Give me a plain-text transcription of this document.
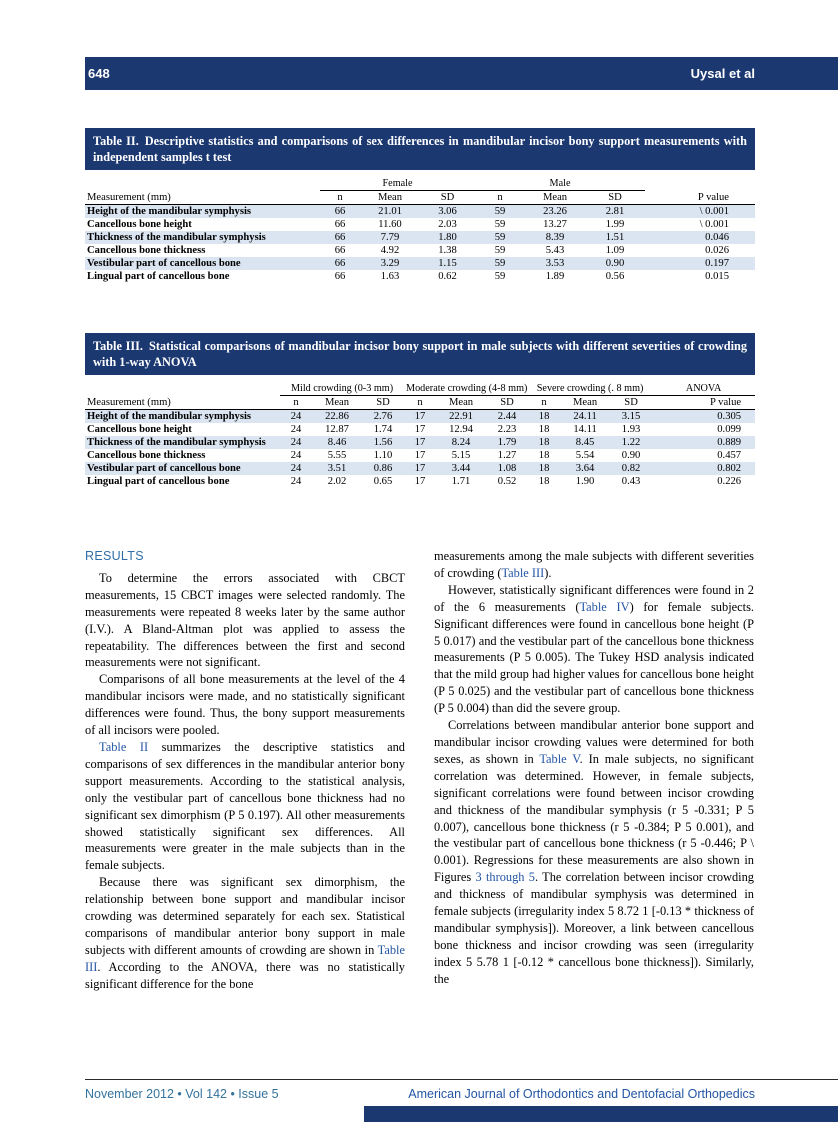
648	Uysal et al
Table II. Descriptive statistics and comparisons of sex differences in mandibular incisor bony support measurements with independent samples t test
	Female			Male			
Measurement (mm)	n	Mean	SD	n	Mean	SD	P value
Height of the mandibular symphysis	66	21.01	3.06	59	23.26	2.81	\ 0.001
Cancellous bone height	66	11.60	2.03	59	13.27	1.99	\ 0.001
Thickness of the mandibular symphysis	66	7.79	1.80	59	8.39	1.51	0.046
Cancellous bone thickness	66	4.92	1.38	59	5.43	1.09	0.026
Vestibular part of cancellous bone	66	3.29	1.15	59	3.53	0.90	0.197
Lingual part of cancellous bone	66	1.63	0.62	59	1.89	0.56	0.015
Table III. Statistical comparisons of mandibular incisor bony support in male subjects with different severities of crowding with 1-way ANOVA
	Mild crowding (0-3 mm)			Moderate crowding (4-8 mm)			Severe crowding (. 8 mm)			ANOVA
Measurement (mm)	n	Mean	SD	n	Mean	SD	n	Mean	SD	P value
Height of the mandibular symphysis	24	22.86	2.76	17	22.91	2.44	18	24.11	3.15	0.305
Cancellous bone height	24	12.87	1.74	17	12.94	2.23	18	14.11	1.93	0.099
Thickness of the mandibular symphysis	24	8.46	1.56	17	8.24	1.79	18	8.45	1.22	0.889
Cancellous bone thickness	24	5.55	1.10	17	5.15	1.27	18	5.54	0.90	0.457
Vestibular part of cancellous bone	24	3.51	0.86	17	3.44	1.08	18	3.64	0.82	0.802
Lingual part of cancellous bone	24	2.02	0.65	17	1.71	0.52	18	1.90	0.43	0.226
RESULTS

To determine the errors associated with CBCT measurements, 15 CBCT images were selected randomly. The measurements were repeated 8 weeks later by the same author (I.V.). A Bland-Altman plot was applied to assess the repeatability. The differences between the first and second measurements were not significant.

Comparisons of all bone measurements at the level of the 4 mandibular incisors were made, and no statistically significant differences were found. Thus, the bony support measurements of all incisors were pooled.

Table II summarizes the descriptive statistics and comparisons of sex differences in the mandibular anterior bony support measurements. According to the statistical analysis, only the vestibular part of cancellous bone thickness had no significant sex dimorphism (P 5 0.197). All other measurements showed statistically significant sex differences. All measurements were greater in the male subjects than in the female subjects.

Because there was significant sex dimorphism, the relationship between bone support and mandibular incisor crowding was determined separately for each sex. Statistical comparisons of mandibular anterior bony support in male subjects with different amounts of crowding are shown in Table III. According to the ANOVA, there was no statistically significant difference for the bone

measurements among the male subjects with different severities of crowding (Table III).

However, statistically significant differences were found in 2 of the 6 measurements (Table IV) for female subjects. Significant differences were found in cancellous bone height (P 5 0.017) and the vestibular part of the cancellous bone thickness measurements (P 5 0.005). The Tukey HSD analysis indicated that the mild group had higher values for cancellous bone height (P 5 0.025) and the vestibular part of cancellous bone thickness (P 5 0.004) than did the severe group.

Correlations between mandibular anterior bone support and mandibular incisor crowding values were determined for both sexes, as shown in Table V. In male subjects, no significant correlation was determined. However, in female subjects, significant correlations were found between incisor crowding and thickness of the mandibular symphysis (r 5 -0.331; P 5 0.007), cancellous bone thickness (r 5 -0.384; P 5 0.001), and the vestibular part of cancellous bone thickness (r 5 -0.446; P \ 0.001). Regressions for these measurements are also shown in Figures 3 through 5. The correlation between incisor crowding and thickness of mandibular symphysis was determined in female subjects (irregularity index 5 8.72 1 [-0.13 * thickness of mandibular symphysis]). Moreover, a link between cancellous bone thickness and incisor crowding was seen (irregularity index 5 5.78 1 [-0.12 * cancellous bone thickness]). Similarly, the

November 2012 • Vol 142 • Issue 5	American Journal of Orthodontics and Dentofacial Orthopedics
